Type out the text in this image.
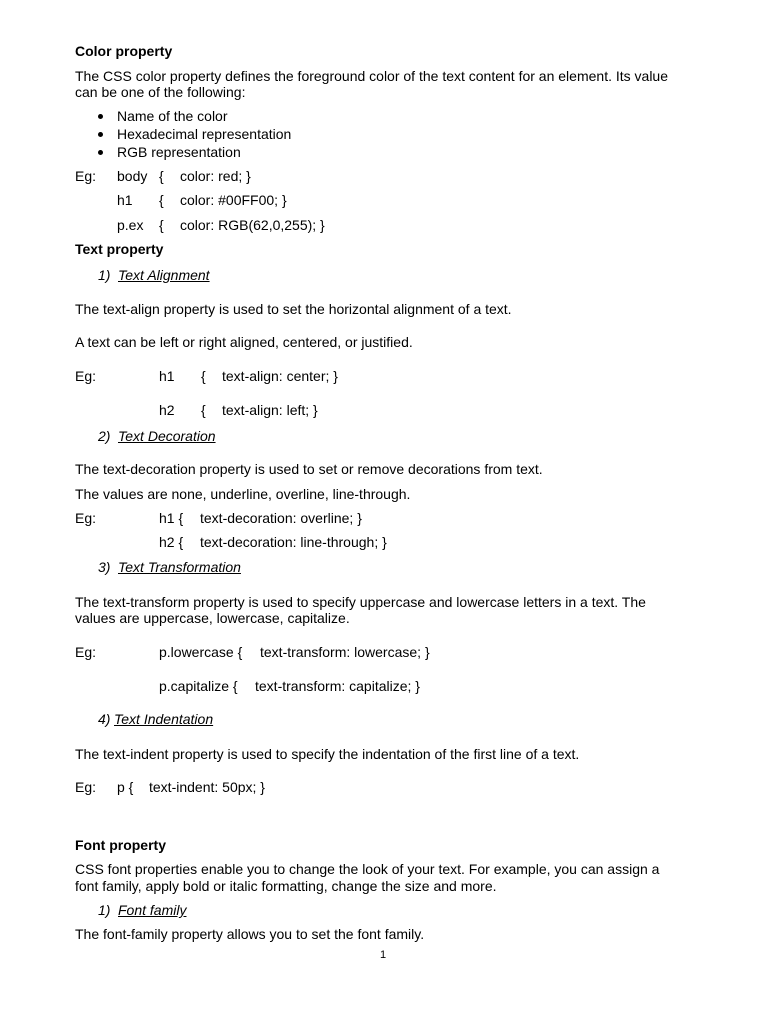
Color property
The CSS color property defines the foreground color of the text content for an element. Its value
can be one of the following:
Name of the color
Hexadecimal representation
RGB representation
Eg: body { color: red; }
h1 { color: #00FF00; }
p.ex { color: RGB(62,0,255); }
Text property
1) Text Alignment
The text-align property is used to set the horizontal alignment of a text.
A text can be left or right aligned, centered, or justified.
Eg:	h1 { text-align: center; }
h2 { text-align: left; }
2) Text Decoration
The text-decoration property is used to set or remove decorations from text.
The values are none, underline, overline, line-through.
Eg:	h1 { text-decoration: overline; }
h2 { text-decoration: line-through; }
3) Text Transformation
The text-transform property is used to specify uppercase and lowercase letters in a text. The
values are uppercase, lowercase, capitalize.
Eg:	p.lowercase { text-transform: lowercase; }
p.capitalize { text-transform: capitalize; }
4) Text Indentation
The text-indent property is used to specify the indentation of the first line of a text.
Eg: p { text-indent: 50px; }
Font property
CSS font properties enable you to change the look of your text. For example, you can assign a
font family, apply bold or italic formatting, change the size and more.
1) Font family
The font-family property allows you to set the font family.
1
